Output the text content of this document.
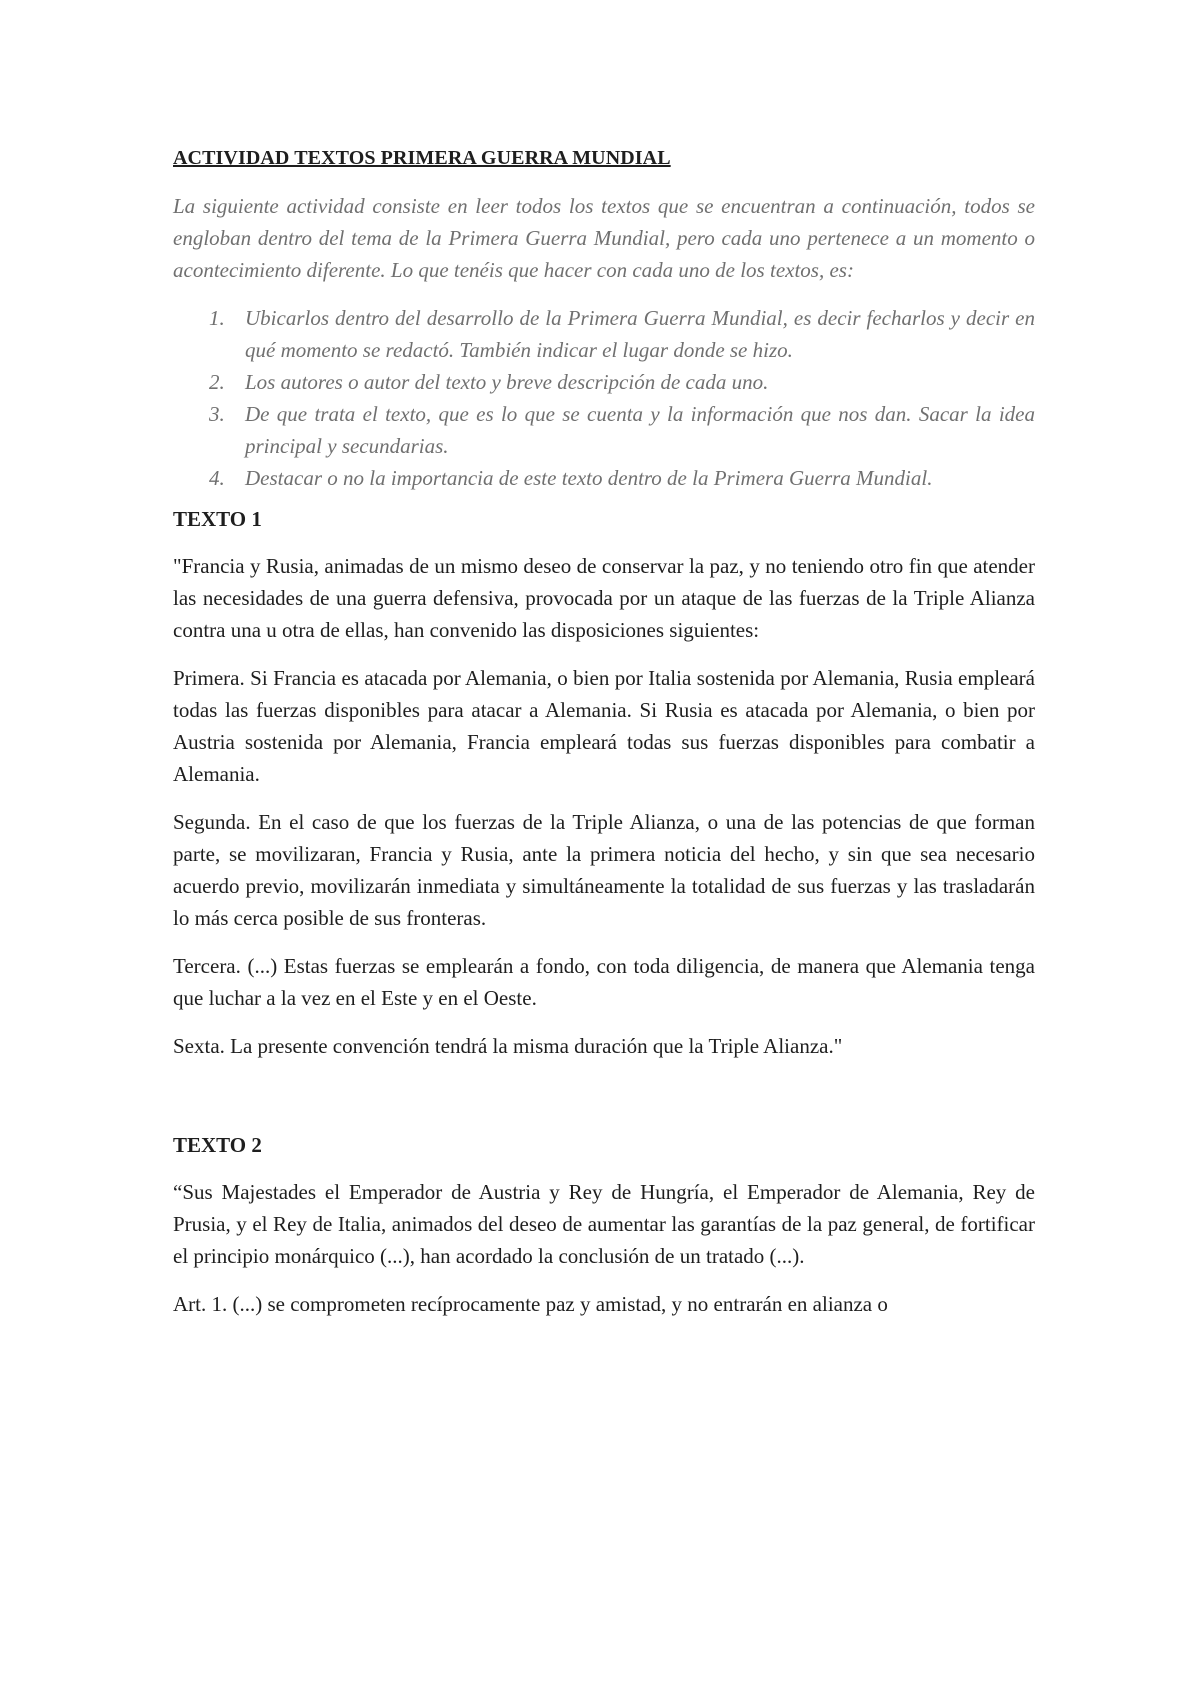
ACTIVIDAD TEXTOS PRIMERA GUERRA MUNDIAL
La siguiente actividad consiste en leer todos los textos que se encuentran a continuación, todos se engloban dentro del tema de la Primera Guerra Mundial, pero cada uno pertenece a un momento o acontecimiento diferente. Lo que tenéis que hacer con cada uno de los textos, es:
1. Ubicarlos dentro del desarrollo de la Primera Guerra Mundial, es decir fecharlos y decir en qué momento se redactó. También indicar el lugar donde se hizo.
2. Los autores o autor del texto y breve descripción de cada uno.
3. De que trata el texto, que es lo que se cuenta y la información que nos dan. Sacar la idea principal y secundarias.
4. Destacar o no la importancia de este texto dentro de la Primera Guerra Mundial.
TEXTO 1
"Francia y Rusia, animadas de un mismo deseo de conservar la paz, y no teniendo otro fin que atender las necesidades de una guerra defensiva, provocada por un ataque de las fuerzas de la Triple Alianza contra una u otra de ellas, han convenido las disposiciones siguientes:
Primera. Si Francia es atacada por Alemania, o bien por Italia sostenida por Alemania, Rusia empleará todas las fuerzas disponibles para atacar a Alemania. Si Rusia es atacada por Alemania, o bien por Austria sostenida por Alemania, Francia empleará todas sus fuerzas disponibles para combatir a Alemania.
Segunda. En el caso de que los fuerzas de la Triple Alianza, o una de las potencias de que forman parte, se movilizaran, Francia y Rusia, ante la primera noticia del hecho, y sin que sea necesario acuerdo previo, movilizarán inmediata y simultáneamente la totalidad de sus fuerzas y las trasladarán lo más cerca posible de sus fronteras.
Tercera. (...) Estas fuerzas se emplearán a fondo, con toda diligencia, de manera que Alemania tenga que luchar a la vez en el Este y en el Oeste.
Sexta. La presente convención tendrá la misma duración que la Triple Alianza."
TEXTO 2
“Sus Majestades el Emperador de Austria y Rey de Hungría, el Emperador de Alemania, Rey de Prusia, y el Rey de Italia, animados del deseo de aumentar las garantías de la paz general, de fortificar el principio monárquico (...), han acordado la conclusión de un tratado (...).
Art. 1. (...) se comprometen recíprocamente paz y amistad, y no entrarán en alianza o
